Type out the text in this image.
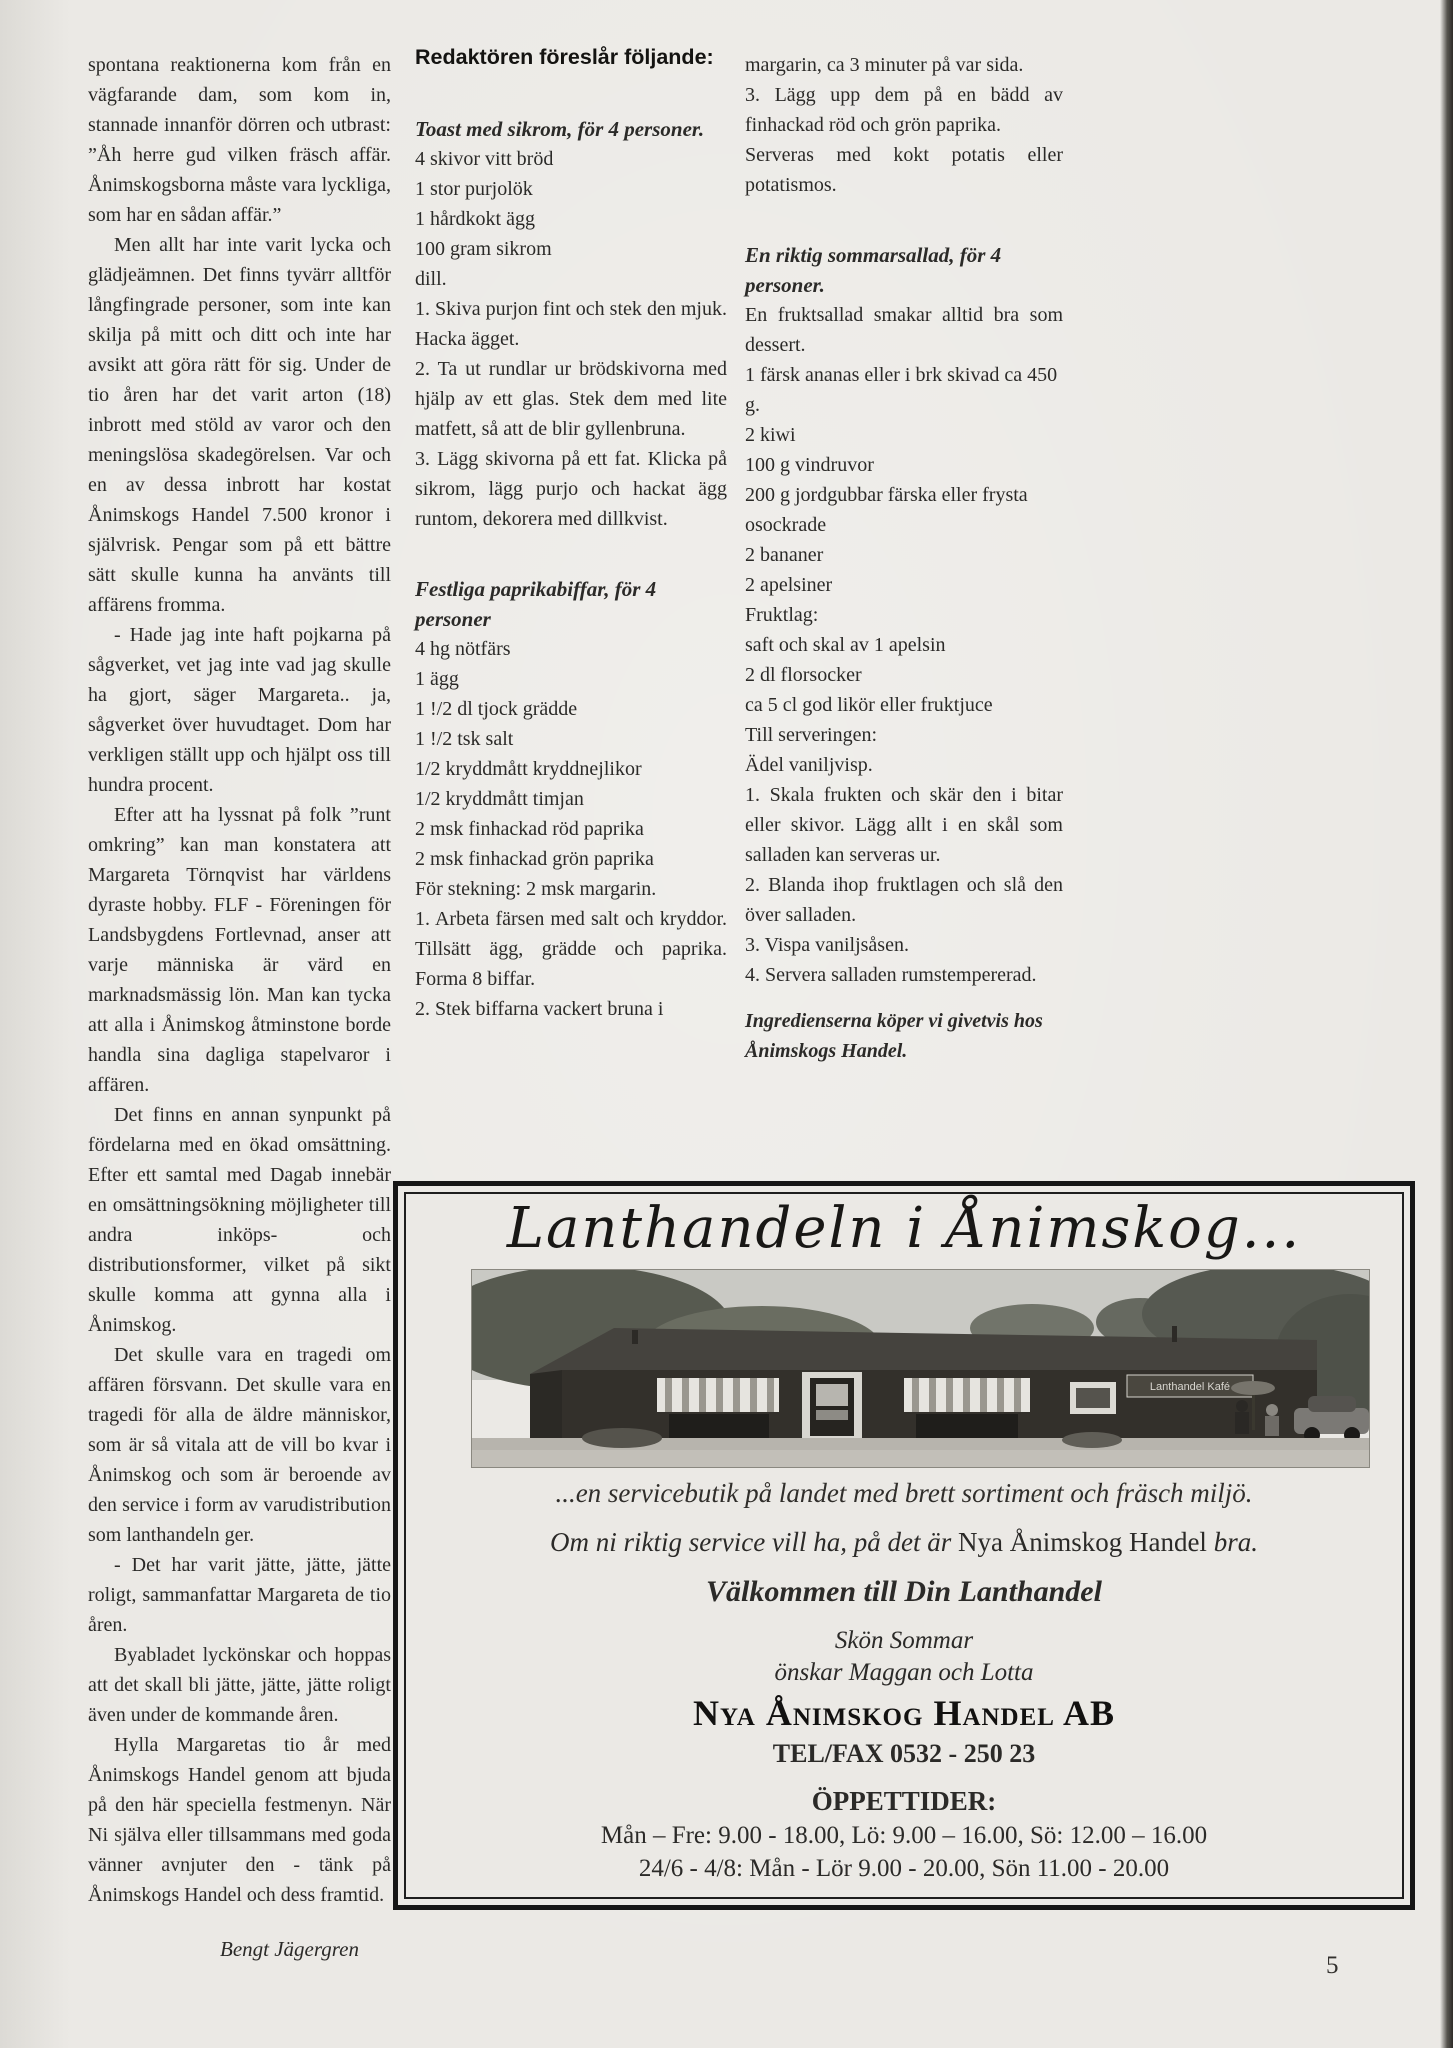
spontana reaktionerna kom från en vägfarande dam, som kom in, stannade innanför dörren och utbrast: ”Åh herre gud vilken fräsch affär. Ånimskogsborna måste vara lyckliga, som har en sådan affär.”

Men allt har inte varit lycka och glädjeämnen. Det finns tyvärr alltför långfingrade personer, som inte kan skilja på mitt och ditt och inte har avsikt att göra rätt för sig. Under de tio åren har det varit arton (18) inbrott med stöld av varor och den meningslösa skadegörelsen. Var och en av dessa inbrott har kostat Ånimskogs Handel 7.500 kronor i självrisk. Pengar som på ett bättre sätt skulle kunna ha använts till affärens fromma.

- Hade jag inte haft pojkarna på sågverket, vet jag inte vad jag skulle ha gjort, säger Margareta.. ja, sågverket över huvudtaget. Dom har verkligen ställt upp och hjälpt oss till hundra procent.

Efter att ha lyssnat på folk ”runt omkring” kan man konstatera att Margareta Törnqvist har världens dyraste hobby. FLF - Föreningen för Landsbygdens Fortlevnad, anser att varje människa är värd en marknadsmässig lön. Man kan tycka att alla i Ånimskog åtminstone borde handla sina dagliga stapelvaror i affären.

Det finns en annan synpunkt på fördelarna med en ökad omsättning. Efter ett samtal med Dagab innebär en omsättningsökning möjligheter till andra inköps- och distributionsformer, vilket på sikt skulle komma att gynna alla i Ånimskog.

Det skulle vara en tragedi om affären försvann. Det skulle vara en tragedi för alla de äldre människor, som är så vitala att de vill bo kvar i Ånimskog och som är beroende av den service i form av varudistribution som lanthandeln ger.

- Det har varit jätte, jätte, jätte roligt, sammanfattar Margareta de tio åren.

Byabladet lyckönskar och hoppas att det skall bli jätte, jätte, jätte roligt även under de kommande åren.

Hylla Margaretas tio år med Ånimskogs Handel genom att bjuda på den här speciella festmenyn. När Ni själva eller tillsammans med goda vänner avnjuter den - tänk på Ånimskogs Handel och dess framtid.

Bengt Jägergren

Redaktören föreslår följande:
Toast med sikrom, för 4 personer.
4 skivor vitt bröd
1 stor purjolök
1 hårdkokt ägg
100 gram sikrom
dill.

1. Skiva purjon fint och stek den mjuk. Hacka ägget.

2. Ta ut rundlar ur brödskivorna med hjälp av ett glas. Stek dem med lite matfett, så att de blir gyllenbruna.

3. Lägg skivorna på ett fat. Klicka på sikrom, lägg purjo och hackat ägg runtom, dekorera med dillkvist.

Festliga paprikabiffar, för 4 personer
4 hg nötfärs
1 ägg
1 !/2 dl tjock grädde
1 !/2 tsk salt
1/2 kryddmått kryddnejlikor
1/2 kryddmått timjan
2 msk finhackad röd paprika
2 msk finhackad grön paprika
För stekning: 2 msk margarin.

1. Arbeta färsen med salt och kryddor. Tillsätt ägg, grädde och paprika. Forma 8 biffar.

2. Stek biffarna vackert bruna i

margarin, ca 3 minuter på var sida.

3. Lägg upp dem på en bädd av finhackad röd och grön paprika.

Serveras med kokt potatis eller potatismos.

En riktig sommarsallad, för 4 personer.

En fruktsallad smakar alltid bra som dessert.

1 färsk ananas eller i brk skivad ca 450 g.
2 kiwi
100 g vindruvor
200 g jordgubbar färska eller frysta osockrade
2 bananer
2 apelsiner
Fruktlag:
saft och skal av 1 apelsin
2 dl florsocker
ca 5 cl god likör eller fruktjuce
Till serveringen:
Ädel vaniljvisp.

1. Skala frukten och skär den i bitar eller skivor. Lägg allt i en skål som salladen kan serveras ur.

2. Blanda ihop fruktlagen och slå den över salladen.

3. Vispa vaniljsåsen.

4. Servera salladen rumstempererad.

Ingredienserna köper vi givetvis hos Ånimskogs Handel.

Lanthandeln i Ånimskog...
Lanthandel Kafé
...en servicebutik på landet med brett sortiment och fräsch miljö.
Om ni riktig service vill ha, på det är Nya Ånimskog Handel bra.
Välkommen till Din Lanthandel
Skön Sommar
önskar Maggan och Lotta
Nya Ånimskog Handel AB
TEL/FAX 0532 - 250 23
ÖPPETTIDER:
Mån – Fre: 9.00 - 18.00, Lö: 9.00 – 16.00, Sö: 12.00 – 16.00
24/6 - 4/8: Mån - Lör 9.00 - 20.00, Sön 11.00 - 20.00
5
